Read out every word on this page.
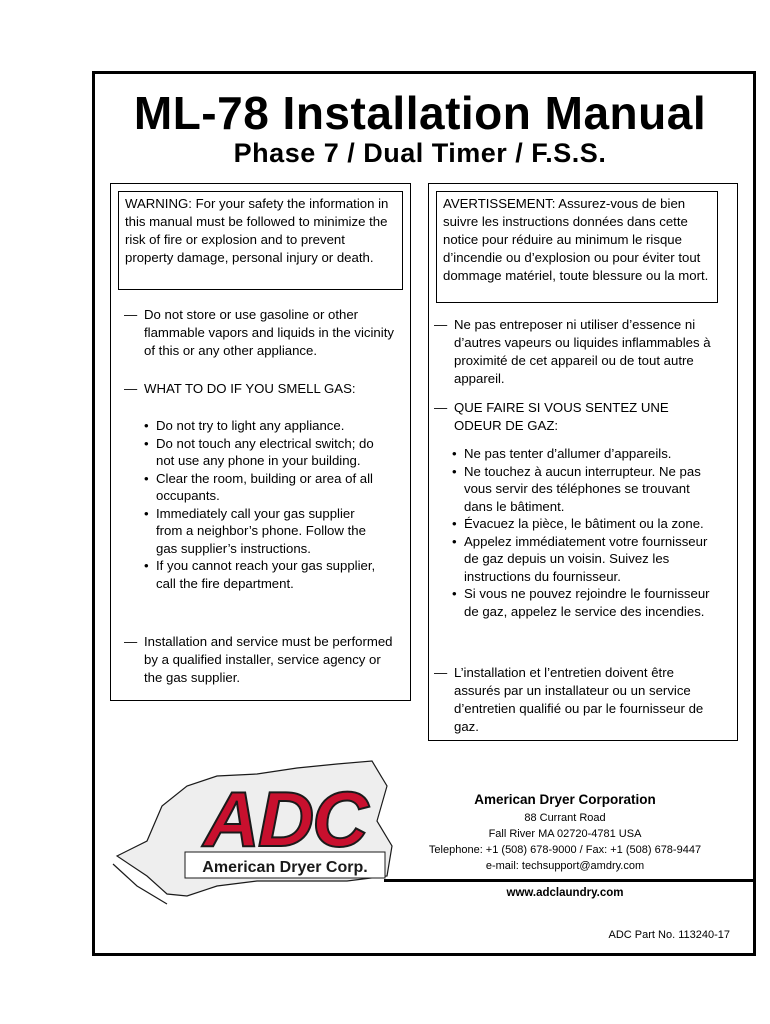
ML-78 Installation Manual
Phase 7 / Dual Timer / F.S.S.
WARNING: For your safety the information in this manual must be followed to minimize the risk of fire or explosion and to prevent property damage, personal injury or death.
— Do not store or use gasoline or other flammable vapors and liquids in the vicinity of this or any other appliance.
— WHAT TO DO IF YOU SMELL GAS:
• Do not try to light any appliance.
• Do not touch any electrical switch; do not use any phone in your building.
• Clear the room, building or area of all occupants.
• Immediately call your gas supplier from a neighbor’s phone. Follow the gas supplier’s instructions.
• If you cannot reach your gas supplier, call the fire department.
— Installation and service must be performed by a qualified installer, service agency or the gas supplier.
AVERTISSEMENT: Assurez-vous de bien suivre les instructions données dans cette notice pour réduire au minimum le risque d’incendie ou d’explosion ou pour éviter tout dommage matériel, toute blessure ou la mort.
— Ne pas entreposer ni utiliser d’essence ni d’autres vapeurs ou liquides inflammables à proximité de cet appareil ou de tout autre appareil.
— QUE FAIRE SI VOUS SENTEZ UNE ODEUR DE GAZ:
• Ne pas tenter d’allumer d’appareils.
• Ne touchez à aucun interrupteur. Ne pas vous servir des téléphones se trouvant dans le bâtiment.
• Évacuez la pièce, le bâtiment ou la zone.
• Appelez immédiatement votre fournisseur de gaz depuis un voisin. Suivez les instructions du fournisseur.
• Si vous ne pouvez rejoindre le fournisseur de gaz, appelez le service des incendies.
— L’installation et l’entretien doivent être assurés par un installateur ou un service d’entretien qualifié ou par le fournisseur de gaz.
American Dryer Corp.
ADC	American Dryer Corporation
88 Currant Road
Fall River MA 02720-4781 USA
Telephone: +1 (508) 678-9000 / Fax: +1 (508) 678-9447
e-mail: techsupport@amdry.com
www.adclaundry.com
ADC Part No. 113240-17
